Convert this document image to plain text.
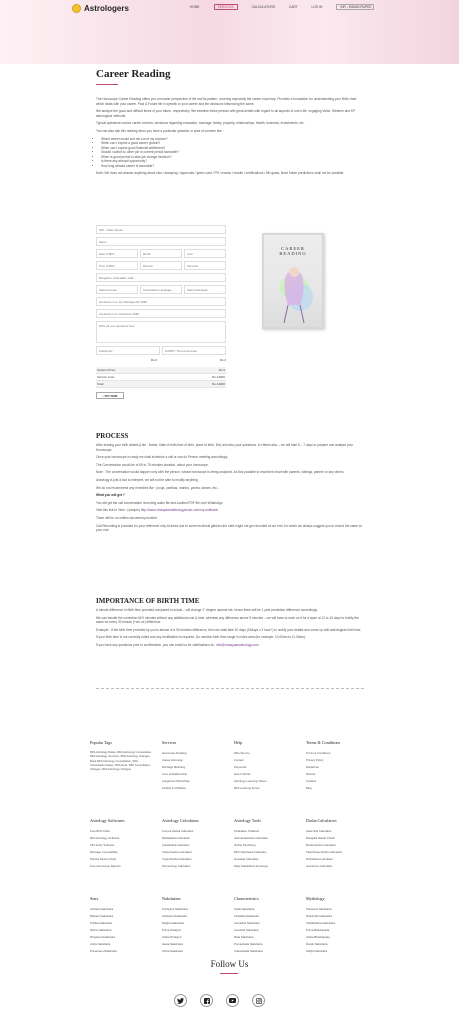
Astrologers	HOME	SERVICES	CALCULATORS	CART	LOG IN	INR - INDIAN RUPEE
Career Reading

The Horoscope Career Reading offers you a broader perspective of life and its pattern, covering especially the career road map. Provides a foundation for understanding your Birth chart which deals with your career. Past & Future life in specific to your career and the decisions influencing the same.

We analyze the good and difficult times of your future, respectively. We examine these periods with great details with regard to all aspects of one's life, engaging Vedic, Western and KP astrological methods.

Typical questions involve career choices, decisions regarding education, marriage, family, property, relationships, health, business, investments, etc.

You can also ask this reading when you have a particular question or area of concern like :

• Which career would suit me out of my choices?
• When can I expect a good career growth?
• When can I expect good financial settlement?
• Should I switch to other job in current period favorable?
• When is good period to take job change decision?
• Is there any abroad opportunity?
• How long abroad career is favorable?

Note: We does not answer anything about visa / stamping / approvals / green card / PR / exams / results / certifications / 6th grass, New/ future predictions shall not be possible.

INR - Indian Rupee
Name
Date of Birth	Month	Year
Time of Birth	Minutes	Seconds
Bengaluru, Karnataka, India
Select Gender	Consultation Language	Select Astrologer
Life Event 1 ex: My Marriage/Job 1999
Life Event 2 ex: Admission 1999
Write all your questions here
Telephonic	HURRY! Time is Accurate
Rs 0	Rs 0
Options Price:	Rs 0
Service Cost:	Rs 24000
Total:	Rs 24000
▪ PAY NOW
CAREER
READING
PROCESS

After sharing your birth details (Like : Name, Date of birth,time of birth, place of birth, Etc) and also your questions. In Hebes also – we will take 6 – 7 days to prepare and analyze your Horoscope.

Once your horoscope is ready we shall schedule a call or can do Person meeting accordingly.

The Conversation would be of 60 to 75 minutes duration, about your horoscope.

Note : The conversation would happen only with the person, whose horoscope is being analyzed. As this possible to read their chart with parents, siblings, partner or any others.

Astrology is just a tool to interpret, we will not be able to modify anything.

We do not recommend any remedies like : pooja, yanthas, mantra, yantra, stones, etc...

What you will get ?

You will get the call conversation recording audio file and Audited PDF file over WhatsApp.

Visit this link to View : (sample) http://www.vinaayaanasttrologyscom.com/my-software/

There will be no written document provided.

Call Recording is provided for your reference only At times due to some technical glitches the calls might not get recorded at our end, for which we always suggest you to record the same at your end.

IMPORTANCE OF BIRTH TIME

A minute difference in Birth time provided compared to actual – will change 1° degree ascend set, hence there will be 1 year prediction difference accordingly.

We can handle the correction till 5 minutes without any additional cost & time, whereas any difference above 5 minutes – we will have to work on it for a span of 12 to 15 days to rectify the same for every 30 minute (+ve/-ve) difference.

Example : If the birth time provided by you is almost of a 90 minutes difference, then we shall take 30 days (15days x 3 hour+) to rectify your details and come up with astrological birth time.

If your birth time is not correctly noted and any rectification is required, Do mention birth time range in notes area (for example: 10.00am to 11.00am).

If you have any questions prior to confirmation, you can email us for clarifications at : info@vinaayaanastrology.com

Popular Tags
RFA Astrology Rates, RFA Astrology Consultation, RFA Astrology Services, RFA Astrology Charges, Book RFA Astrology Consultation, RFA Consultation Rates, RFA Near, RFA Consultation Charges, RFA Astrology Charges
Services
Horoscope Reading
Career Astrology
Marriage Matching
Love & Relationship
Auspicious Muhurthas
Fertility & Childless
Help
Who We Are
Contact
Payments
How It Works
Astrology Learning Videos
RFA Learning Forum
Terms & Conditions
Terms & Conditions
Privacy Policy
Disclaimer
Refund
Cookies
Blog
Astrology Softwares
Free Birth Chart
RFA Astrology Software
KP Hourly Software
Marriage Compatibility
Planets Motion Chart
Free Horoscope Reports
Astrology Calculators
Current Dasha Calculator
Mahadasha Calculator
Antardasha Calculator
Chara Dasha Calculator
Yogini Dasha Calculator
Numerology Calculator
Astrology Tools
Tarabalam Chakram
Janmanakshatra Calculator
Online Panchang
Birth Nakshatra Calculator
Gowdala Calculator
Daily Nakshatra Horoscope
Dasha Calculators
Sade Sati Calculator
Mangalik Dasha Check
Moola Dosha Calculator
Kaal Sarpa Dosha Calculator
Rudraksha Calculator
Gemstone Calculator
Stars
Ashwini Nakshatra
Bharani Nakshatra
Krittika Nakshatra
Rohini Nakshatra
Mrigasira Nakshatra
Ardra Nakshatra
Punarvasu Nakshatra
Nakshatras
Pushyami Nakshatra
Ashlesha Nakshatra
Magha Nakshatra
Purva Phalguni
Uttara Phalguni
Hasta Nakshatra
Chitra Nakshatra
Characteristics
Swati Nakshatra
Vishakha Nakshatra
Anuradha Nakshatra
Jyeshtha Nakshatra
Mula Nakshatra
Purvashada Nakshatra
Uttarashada Nakshatra
Mythology
Shravana Nakshatra
Dhanishta Nakshatra
Shatabhisha Nakshatra
Purva Bhadrapada
Uttara Bhadrapada
Revati Nakshatra
Abhijit Nakshatra
Follow Us
